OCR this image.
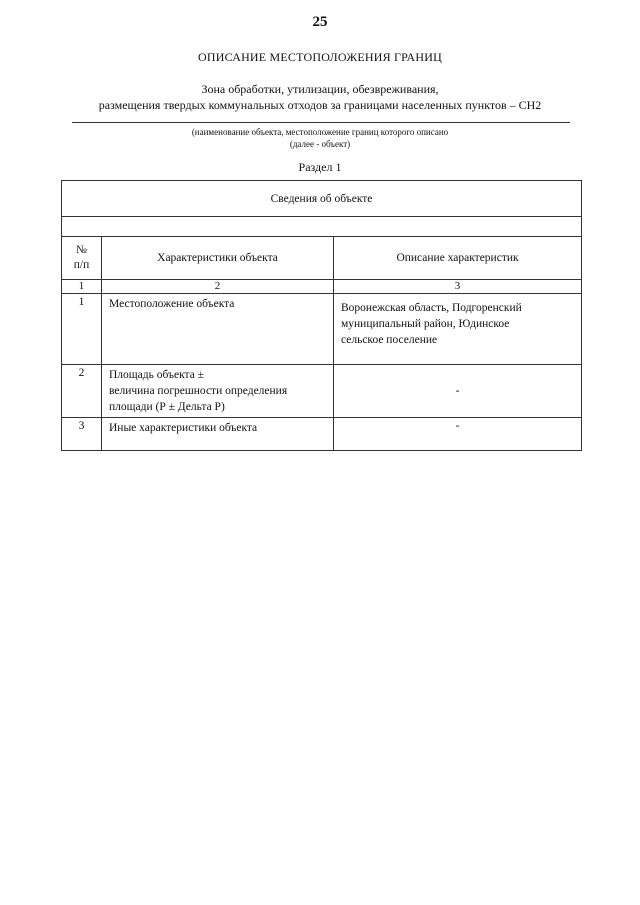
25
ОПИСАНИЕ МЕСТОПОЛОЖЕНИЯ ГРАНИЦ
Зона обработки, утилизации, обезвреживания,
размещения твердых коммунальных отходов за границами населенных пунктов – СН2
(наименование объекта, местоположение границ которого описано
(далее - объект)
Раздел 1
Сведения об объекте		

№
п/п	Характеристики объекта	Описание характеристик
1	2	3
1	Местоположение объекта	Воронежская область, Подгоренский
муниципальный район, Юдинское
сельское поселение

2	Площадь объекта ±
величина погрешности определения
площади (Р ± Дельта Р)	-
3	Иные характеристики объекта	-
